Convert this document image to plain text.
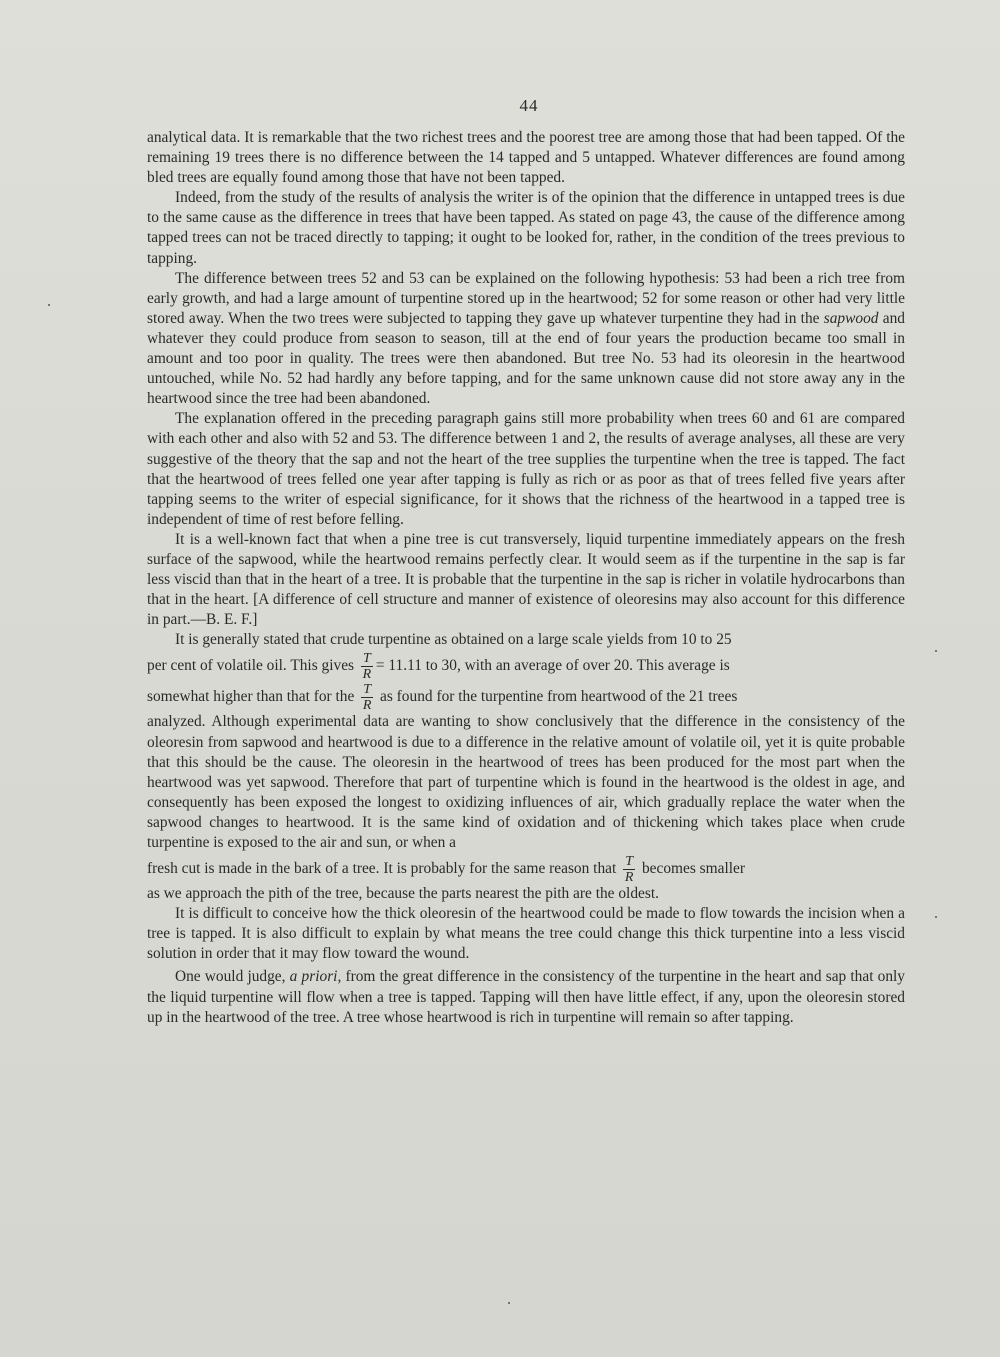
44

analytical data. It is remarkable that the two richest trees and the poorest tree are among those that had been tapped. Of the remaining 19 trees there is no difference between the 14 tapped and 5 untapped. Whatever differences are found among bled trees are equally found among those that have not been tapped.

Indeed, from the study of the results of analysis the writer is of the opinion that the difference in untapped trees is due to the same cause as the difference in trees that have been tapped. As stated on page 43, the cause of the difference among tapped trees can not be traced directly to tapping; it ought to be looked for, rather, in the condition of the trees previous to tapping.

The difference between trees 52 and 53 can be explained on the following hypothesis: 53 had been a rich tree from early growth, and had a large amount of turpentine stored up in the heartwood; 52 for some reason or other had very little stored away. When the two trees were subjected to tapping they gave up whatever turpentine they had in the sapwood and whatever they could produce from season to season, till at the end of four years the production became too small in amount and too poor in quality. The trees were then abandoned. But tree No. 53 had its oleoresin in the heartwood untouched, while No. 52 had hardly any before tapping, and for the same unknown cause did not store away any in the heartwood since the tree had been abandoned.

The explanation offered in the preceding paragraph gains still more probability when trees 60 and 61 are compared with each other and also with 52 and 53. The difference between 1 and 2, the results of average analyses, all these are very suggestive of the theory that the sap and not the heart of the tree supplies the turpentine when the tree is tapped. The fact that the heartwood of trees felled one year after tapping is fully as rich or as poor as that of trees felled five years after tapping seems to the writer of especial significance, for it shows that the richness of the heartwood in a tapped tree is independent of time of rest before felling.

It is a well-known fact that when a pine tree is cut transversely, liquid turpentine immediately appears on the fresh surface of the sapwood, while the heartwood remains perfectly clear. It would seem as if the turpentine in the sap is far less viscid than that in the heart of a tree. It is probable that the turpentine in the sap is richer in volatile hydrocarbons than that in the heart. [A difference of cell structure and manner of existence of oleoresins may also account for this difference in part.—B. E. F.]

It is generally stated that crude turpentine as obtained on a large scale yields from 10 to 25

per cent of volatile oil. This gives $\frac{T}{R} = 11.11$ to 30, with an average of over 20. This average is

somewhat higher than that for the $\frac{T}{R}$ as found for the turpentine from heartwood of the 21 trees

analyzed. Although experimental data are wanting to show conclusively that the difference in the consistency of the oleoresin from sapwood and heartwood is due to a difference in the relative amount of volatile oil, yet it is quite probable that this should be the cause. The oleoresin in the heartwood of trees has been produced for the most part when the heartwood was yet sapwood. Therefore that part of turpentine which is found in the heartwood is the oldest in age, and consequently has been exposed the longest to oxidizing influences of air, which gradually replace the water when the sapwood changes to heartwood. It is the same kind of oxidation and of thickening which takes place when crude turpentine is exposed to the air and sun, or when a

fresh cut is made in the bark of a tree. It is probably for the same reason that $\frac{T}{R}$ becomes smaller

as we approach the pith of the tree, because the parts nearest the pith are the oldest.

It is difficult to conceive how the thick oleoresin of the heartwood could be made to flow towards the incision when a tree is tapped. It is also difficult to explain by what means the tree could change this thick turpentine into a less viscid solution in order that it may flow toward the wound.

One would judge, a priori, from the great difference in the consistency of the turpentine in the heart and sap that only the liquid turpentine will flow when a tree is tapped. Tapping will then have little effect, if any, upon the oleoresin stored up in the heartwood of the tree. A tree whose heartwood is rich in turpentine will remain so after tapping.
